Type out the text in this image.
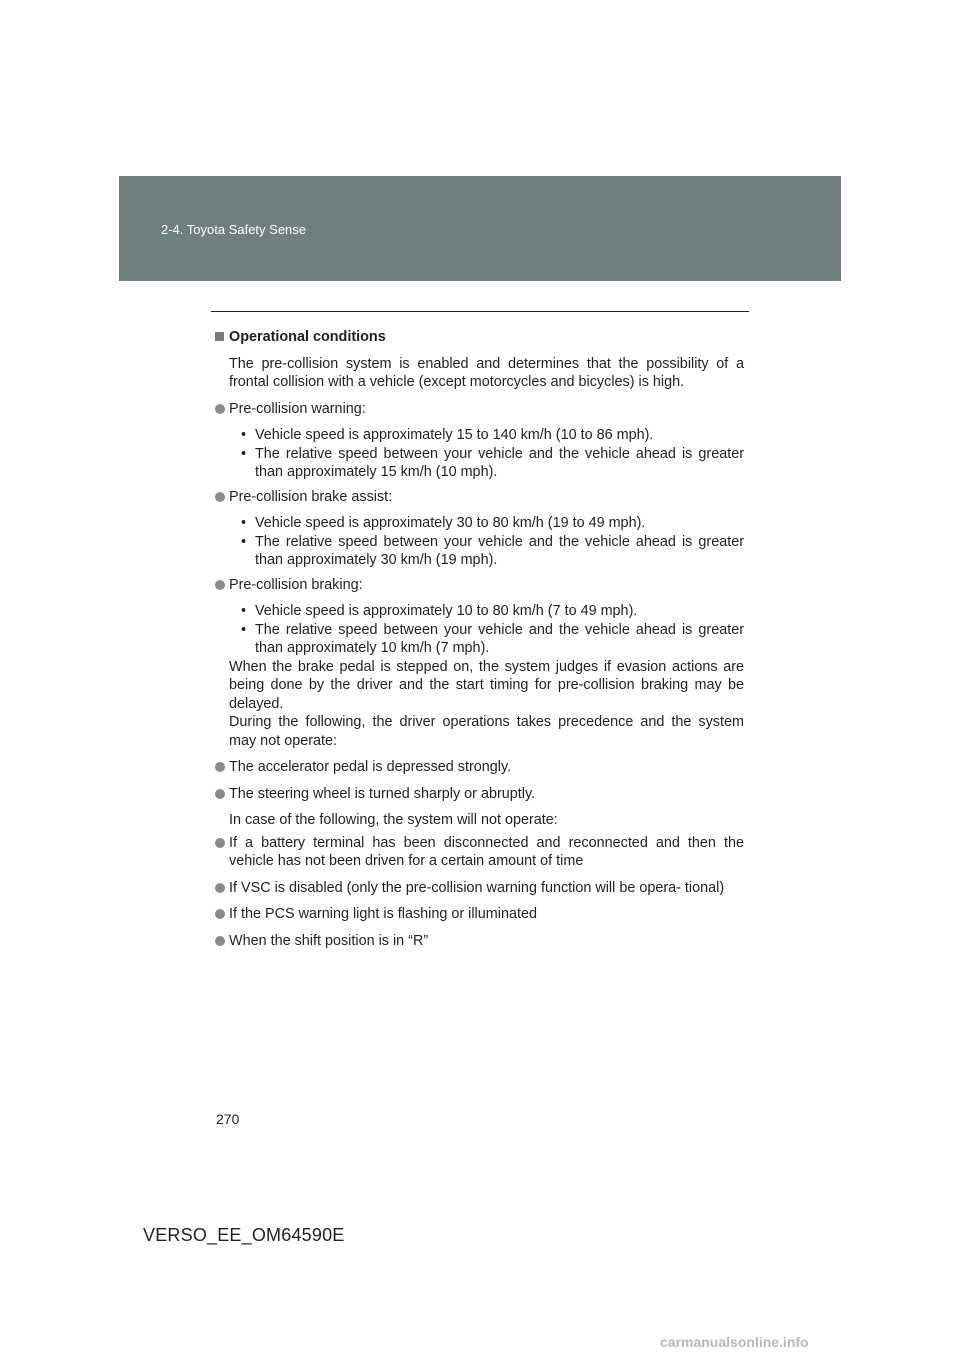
2-4. Toyota Safety Sense
Operational conditions

The pre-collision system is enabled and determines that the possibility of a frontal collision with a vehicle (except motorcycles and bicycles) is high.

Pre-collision warning:
• Vehicle speed is approximately 15 to 140 km/h (10 to 86 mph).
• The relative speed between your vehicle and the vehicle ahead is greater than approximately 15 km/h (10 mph).
Pre-collision brake assist:
• Vehicle speed is approximately 30 to 80 km/h (19 to 49 mph).
• The relative speed between your vehicle and the vehicle ahead is greater than approximately 30 km/h (19 mph).
Pre-collision braking:
• Vehicle speed is approximately 10 to 80 km/h (7 to 49 mph).
• The relative speed between your vehicle and the vehicle ahead is greater than approximately 10 km/h (7 mph).

When the brake pedal is stepped on, the system judges if evasion actions are being done by the driver and the start timing for pre-collision braking may be delayed.

During the following, the driver operations takes precedence and the system may not operate:

The accelerator pedal is depressed strongly.
The steering wheel is turned sharply or abruptly.

In case of the following, the system will not operate:

If a battery terminal has been disconnected and reconnected and then the vehicle has not been driven for a certain amount of time
If VSC is disabled (only the pre-collision warning function will be opera- tional)
If the PCS warning light is flashing or illuminated
When the shift position is in “R”
270
VERSO_EE_OM64590E
carmanualsonline.info
